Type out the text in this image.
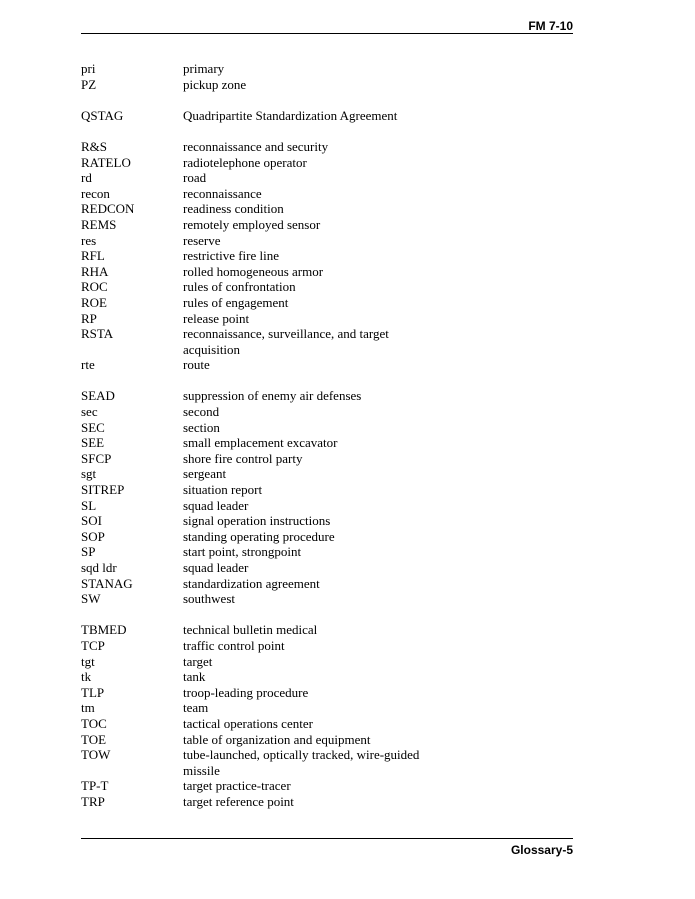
FM 7-10
pri	primary
PZ	pickup zone
QSTAG	Quadripartite Standardization Agreement
R&S	reconnaissance and security
RATELO	radiotelephone operator
rd	road
recon	reconnaissance
REDCON	readiness condition
REMS	remotely employed sensor
res	reserve
RFL	restrictive fire line
RHA	rolled homogeneous armor
ROC	rules of confrontation
ROE	rules of engagement
RP	release point
RSTA	reconnaissance, surveillance, and target acquisition
rte	route
SEAD	suppression of enemy air defenses
sec	second
SEC	section
SEE	small emplacement excavator
SFCP	shore fire control party
sgt	sergeant
SITREP	situation report
SL	squad leader
SOI	signal operation instructions
SOP	standing operating procedure
SP	start point, strongpoint
sqd ldr	squad leader
STANAG	standardization agreement
SW	southwest
TBMED	technical bulletin medical
TCP	traffic control point
tgt	target
tk	tank
TLP	troop-leading procedure
tm	team
TOC	tactical operations center
TOE	table of organization and equipment
TOW	tube-launched, optically tracked, wire-guided missile
TP-T	target practice-tracer
TRP	target reference point
Glossary-5
